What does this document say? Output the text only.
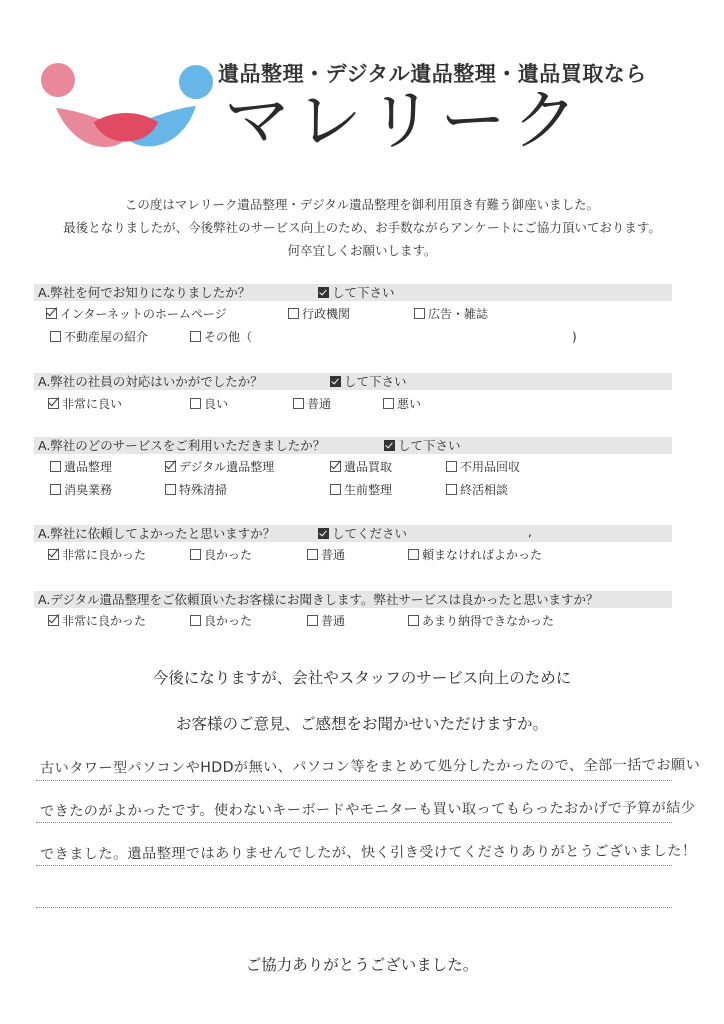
遺品整理・デジタル遺品整理・遺品買取なら
マレリーク
この度はマレリーク遺品整理・デジタル遺品整理を御利用頂き有難う御座いました。
最後となりましたが、今後弊社のサービス向上のため、お手数ながらアンケートにご協力頂いております。
何卒宜しくお願いします。
A.弊社を何でお知りになりましたか？	して下さい
インターネットのホームページ	行政機関	広告・雑誌
不動産屋の紹介	その他（	)
A.弊社の社員の対応はいかがでしたか？	して下さい
非常に良い	良い	普通	悪い
A.弊社のどのサービスをご利用いただきましたか？	して下さい
遺品整理	デジタル遺品整理	遺品買取	不用品回収
消臭業務	特殊清掃	生前整理	終活相談
A.弊社に依頼してよかったと思いますか？	してください	,
非常に良かった	良かった	普通	頼まなければよかった
A.デジタル遺品整理をご依頼頂いたお客様にお聞きします。弊社サービスは良かったと思いますか？
非常に良かった	良かった	普通	あまり納得できなかった
今後になりますが、会社やスタッフのサービス向上のために
お客様のご意見、ご感想をお聞かせいただけますか。
古いタワー型パソコンやHDDが無い、パソコン等をまとめて処分したかったので、全部一括でお願い
できたのがよかったです。使わないキーボードやモニターも買い取ってもらったおかげで予算が結少
できました。遺品整理ではありませんでしたが、快く引き受けてくださりありがとうございました！
ご協力ありがとうございました。
